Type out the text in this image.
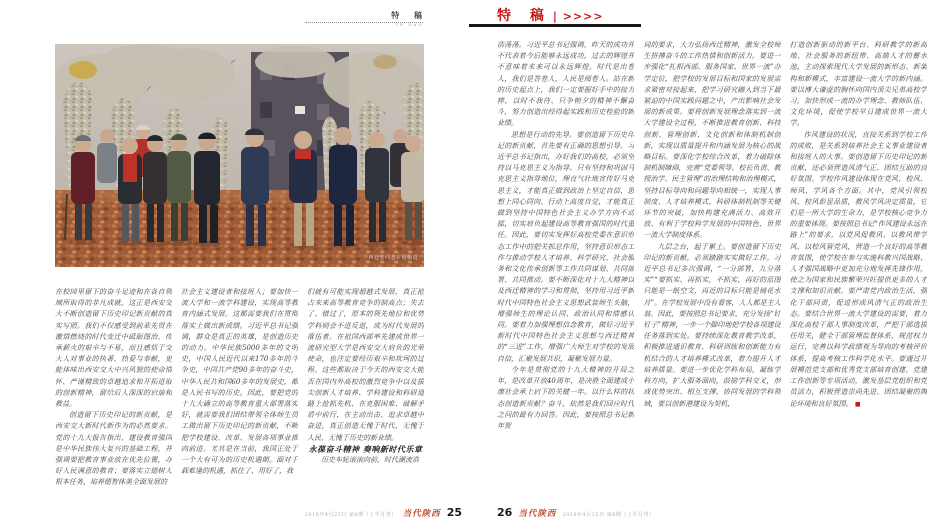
特 稿
TE GAO
西迁老同志在梧桐道

在校园里留下的奋斗足迹和在各自领域所取得的非凡成就，这正是西安交大不断创造留下历史印记新贡献的真实写照。我们不仅感受到前辈先贤在激情燃烧的时代变迁中砥砺图治、传承薪火的艰辛与不易，而且感悟于交大人对事业的执著、热爱与奉献，更能体味出西安交大中兴风貌的使命情怀、严谨精致的卓越追求和开拓进取的创新精神，留给后人深深的启迪和教益。

创造留下历史印记的新贡献，是西安交大新时代新作为的必然要求。党的十九大报告指出，建设教育强国是中华民族伟大复兴的基础工程，并强调要把教育事业放在优先位置，办好人民满意的教育；要落实立德树人根本任务，培养德智体美全面发展的

社会主义建设者和接班人；要加快一流大学和一流学科建设，实现高等教育内涵式发展。这都需要我们在贯彻落实上做出新成绩。习近平总书记强调，群众是真正的英雄，是创造历史的动力。中华民族5000多年的文明史，中国人民近代以来170多年的斗争史，中国共产党90多年的奋斗史，中华人民共和国60多年的发展史，都是人民书写的历史。因此，要把党的十九大确立的高等教育重大部署落实好，就需要我们团结带领全体师生员工做出留下历史印记的新贡献，不断把学校建设、改革、发展各项事业推向前进。尤其是在当前，我国正处于一个大有可为的历史机遇期。面对千载难逢的机遇，抓住了、用好了，我

们就有可能实现超越式发展，真正抢占未来高等教育竞争的制高点；失去了、错过了，原本的领先地位和优势学科则会不进反退，成为时代发展的落伍者。在祖国西部率先建成世界一流研究型大学是西安交大肩负的光荣使命，也注定要经历艰辛和坎坷的过程。这些都取决于今天的西安交大能否在国内外高校的激烈竞争中以及拔尖创新人才培养、学科建设和科研道路上抢抓先机、在克服困难、破解矛盾中前行，在主动出击、追求卓越中奋进，真正创造无愧于时代、无愧于人民、无愧于历史的新业绩。

永葆奋斗精神 奏响新时代乐章

历史车轮滚滚向前，时代潮流浩

2018年4月25日 第8期（上半月刊） 当代陕西 25
特 稿 | >>>>

浩荡荡。习近平总书记强调，昨天的成功并不代表着今后能够永远成功，过去的辉煌并不意味着未来可以永远辉煌。时代是出卷人，我们是答卷人，人民是阅卷人。站在新的历史起点上，我们一定要握好手中的接力棒，以时不我待、只争朝夕的精神不懈奋斗，努力创造出经得起实践和历史检验的新业绩。

思想是行动的先导。要创造留下历史印记的新贡献，首先要有正确的思想引导。习近平总书记指出，办好我们的高校，必须坚持以马克思主义为指导。只有坚持和巩固马克思主义指导地位，理直气壮地宣传好马克思主义，才能真正做到政治上坚定自信、思想上同心同向、行动上高度自觉，才能真正做到坚持中国特色社会主义办学方向不动摇，切实肩负起建设高等教育强国的时代重任。因此，要切实发挥好高校党委在意识形态工作中的把关抓总作用，坚持意识形态工作与推动学校人才培养、科学研究、社会服务和文化传承创新等工作共同谋划、共同部署、共同推动。要不断深化对十九大精神以及西迁精神的学习和贯彻，坚持用习近平新时代中国特色社会主义思想武装师生头脑，增强师生的理论认同、政治认同和情感认同。要着力加强理想信念教育，做好习近平新时代中国特色社会主义思想与西迁精神的“三进”工作，增强广大师生对学校的发展自信，汇聚发展共识，凝聚发展力量。

今年是贯彻党的十九大精神的开局之年，是改革开放40周年，是决胜全面建成小康社会承上启下的关键一年。以什么样的状态创造新贡献？奋斗，依然是我们回应时代之问的最有力回答。因此，要按照总书记新年贺

词的要求，大力弘扬西迁精神，激发全校师生拼搏奋斗的工作热情和创新活力。要进一步强化“扎根西部、服务国家、世界一流”办学定位，把学校的发展目标和国家的发展需求紧密对接起来，把学习研究融入到当下最紧迫的中国实践问题之中，产出影响社会发展的新成果。要将创新发展理念落实到一流大学建设全过程，不断推进教育创新、科技创新、管理创新、文化创新和体制机制创新，实现以质量提升和内涵发展为核心的战略目标。要深化学校综合改革，着力破除体制机制障碍，完善“党委领导、校长负责、教授治学、民主管理”的治理结构和治理模式，坚持目标导向和问题导向相统一，实现人事制度、人才培养模式、科研体制机制等关键环节的突破，加快构建充满活力、高效开放、有利于学校科学发展的中国特色、世界一流大学制度体系。

九层之台，起于累土。要创造留下历史印记的新贡献，必须踏踏实实做好工作。习近平总书记多次强调，“一分部署，九分落实”“要抓实、再抓实，不抓实，再好的蓝图只能是一纸空文，再近的目标只能是镜花水月”。在学校发展中没有看客，人人都是主人翁。因此，要按照总书记要求，充分发扬“钉钉子”精神，一步一个脚印地把学校各项建设任务落到实处。要持续深化教育教学改革，积极推进通识教育、科研训练和创新能力有机结合的人才培养模式改革，着力提升人才培养质量。要进一步优化学科布局，凝练学科方向，扩大服务面向，鼓励学科交叉，形成优势突出、相互支撑、协同发展的学科领域，要以创新港建设为契机，

打造创新驱动的新平台、科研教学的新高地、社会服务的新纽带、高端人才的蓄水池，主动探索现代大学发展的新形态、新架构和新模式，丰富建设一流大学的新内涵。要以博大谦虚的胸怀向国内顶尖兄弟高校学习，加快形成一流的办学理念、教师队伍、文化环境，促使学校早日建成世界一流大学。

作风建设的状况，直接关系到学校工作的成败，是关系到培养社会主义事业建设者和接班人的大事。要创造留下历史印记的新贡献，还必须营造风清气正、团结互助的良好氛围。学校作风建设体现在党风、校风、师风、学风各个方面。其中，党风引领校风、校风彰显品质，教风学风决定质量，它们是一所大学的生命力，是学校核心竞争力的重要体现。要按照总书记“作风建设永远在路上”的要求，以党风促教风、以教风带学风、以校风管党风，营造一个良好的高等教育氛围，使学校在参与实施科教兴国战略、人才强国战略中更加充分地发挥先锋作用，使之为国家和民族繁荣兴旺提供更多的人才支撑和知识贡献。要严肃党内政治生活，强化干部问责，促进形成风清气正的政治生态。要结合世界一流大学建设的需要，着力深化高校干部人事制度改革，严把干部选拔任用关，健全干部管理监督体系，规范权力运行，完善以科学政绩观为导向的考核评价体系，提高考核工作科学化水平。要通过开展模范党支部和优秀党支部培育创建、党建工作创新等专项活动，激发基层党组织和党员活力，积极营造崇尚先进、团结凝聚的舆论环境和良好氛围。 ■

26 当代陕西 2018年4月25日 第8期（上半月刊）
